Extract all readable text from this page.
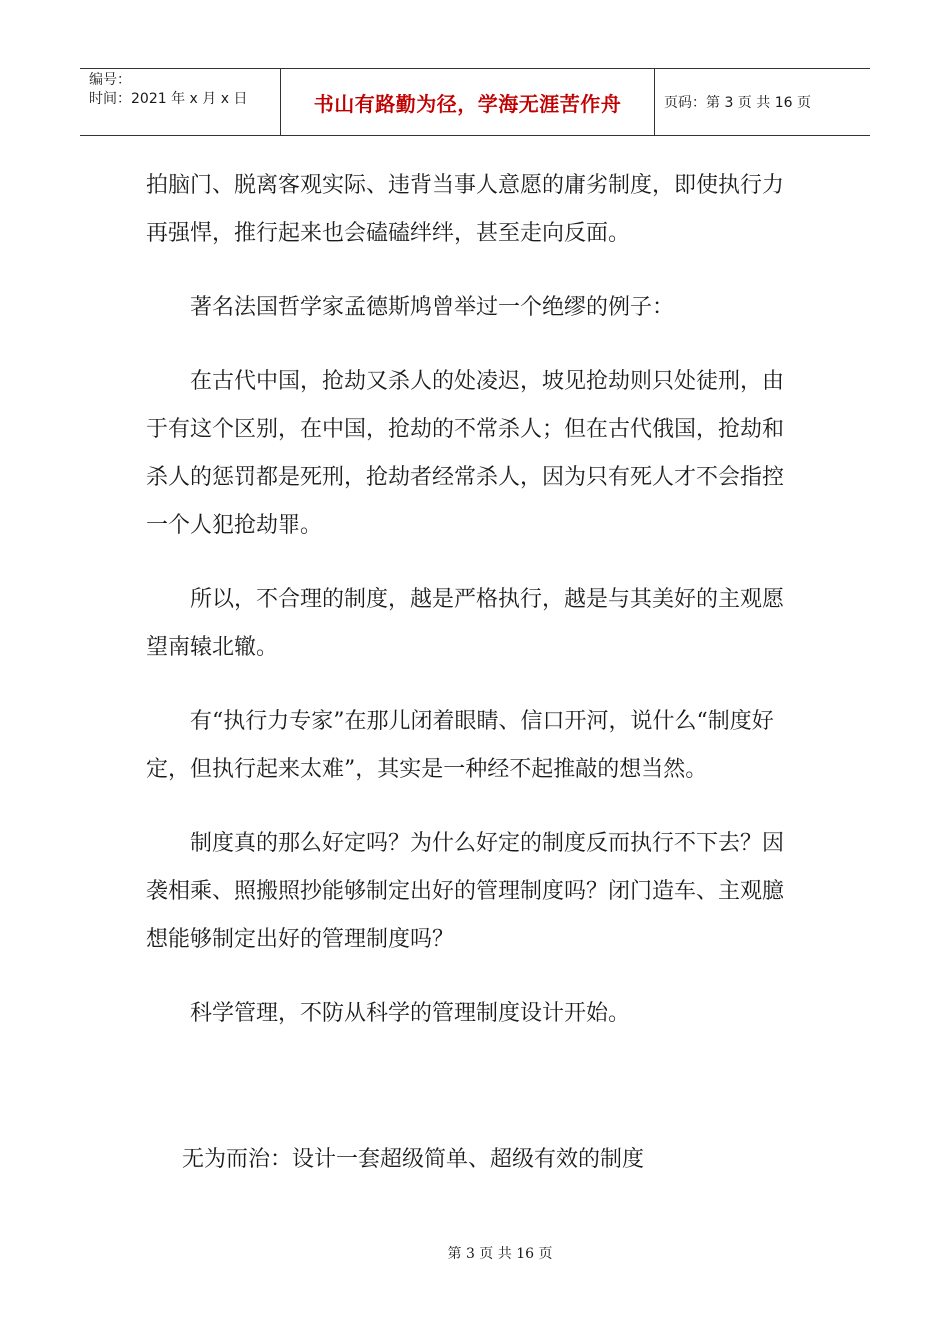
编号：
时间：2021 年 x 月 x 日	书山有路勤为径，学海无涯苦作舟	页码：第 3 页 共 16 页

拍脑门、脱离客观实际、违背当事人意愿的庸劣制度，即使执行力再强悍，推行起来也会磕磕绊绊，甚至走向反面。

著名法国哲学家孟德斯鸠曾举过一个绝缪的例子：

在古代中国，抢劫又杀人的处凌迟，坡见抢劫则只处徒刑，由于有这个区别，在中国，抢劫的不常杀人；但在古代俄国，抢劫和杀人的惩罚都是死刑，抢劫者经常杀人，因为只有死人才不会指控一个人犯抢劫罪。

所以，不合理的制度，越是严格执行，越是与其美好的主观愿望南辕北辙。

有“执行力专家”在那儿闭着眼睛、信口开河，说什么“制度好定，但执行起来太难”，其实是一种经不起推敲的想当然。

制度真的那么好定吗？为什么好定的制度反而执行不下去？因袭相乘、照搬照抄能够制定出好的管理制度吗？闭门造车、主观臆想能够制定出好的管理制度吗？

科学管理，不防从科学的管理制度设计开始。

无为而治：设计一套超级简单、超级有效的制度
第 3 页 共 16 页
